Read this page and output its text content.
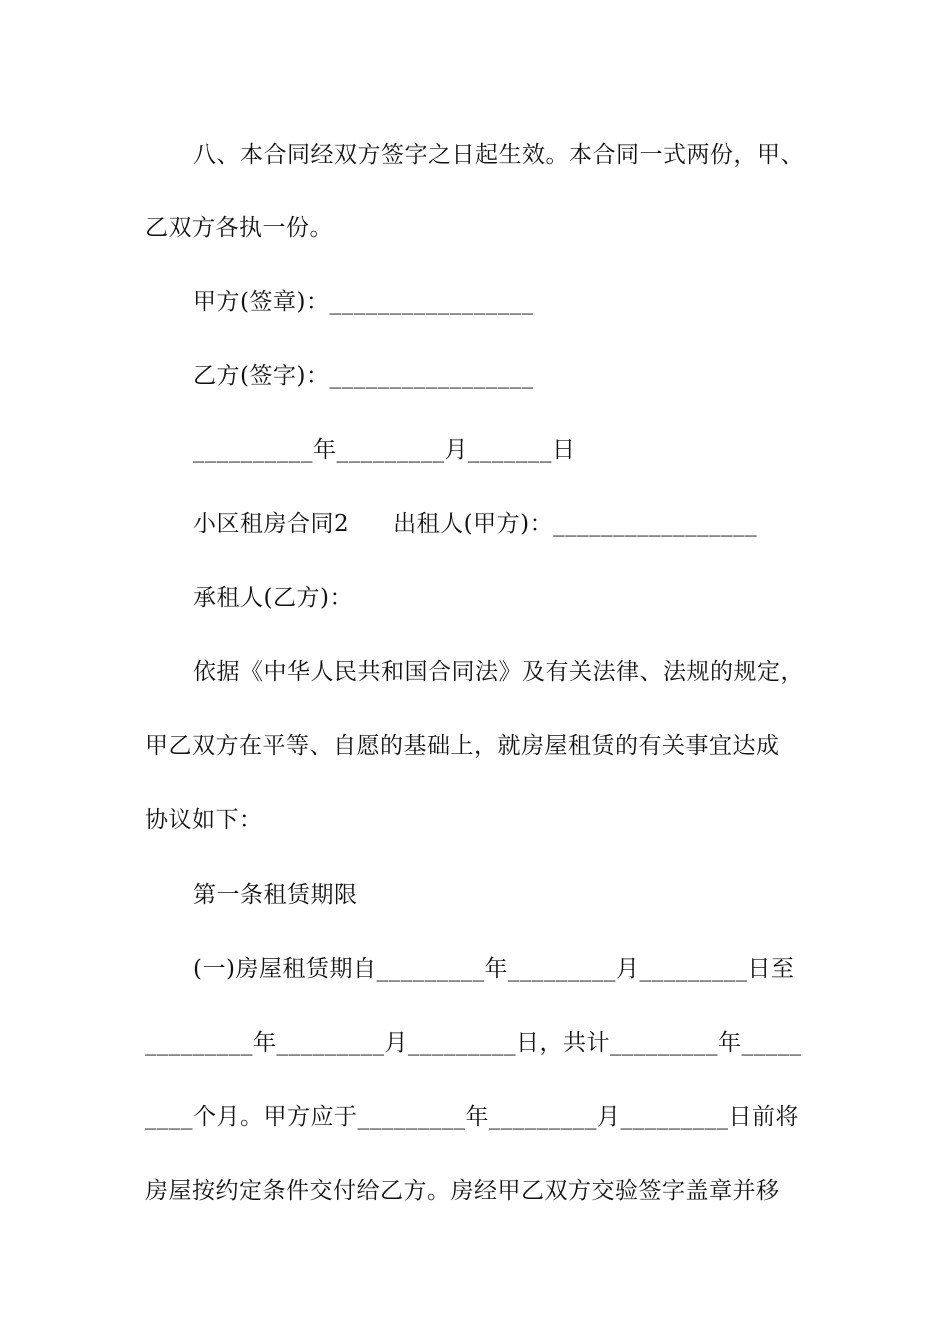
八、本合同经双方签字之日起生效。本合同一式两份，甲、
乙双方各执一份。
甲方(签章)：_________________
乙方(签字)：_________________
__________年_________月_______日
小区租房合同2 出租人(甲方)：_________________
承租人(乙方)：
依据《中华人民共和国合同法》及有关法律、法规的规定，
甲乙双方在平等、自愿的基础上，就房屋租赁的有关事宜达成
协议如下：
第一条租赁期限
(一)房屋租赁期自_________年_________月_________日至
_________年_________月_________日，共计_________年_____
____个月。甲方应于_________年_________月_________日前将
房屋按约定条件交付给乙方。房经甲乙双方交验签字盖章并移
